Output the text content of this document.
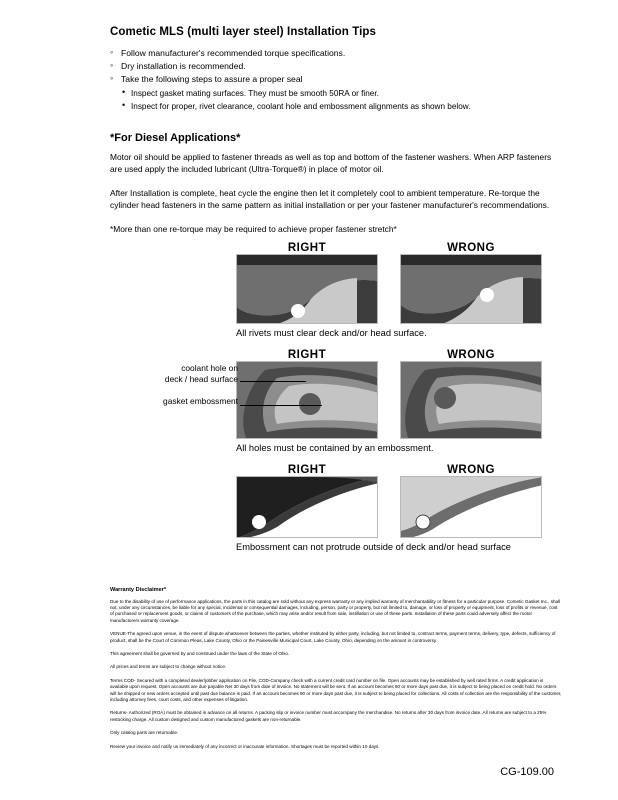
Cometic MLS (multi layer steel) Installation Tips
◦ Follow manufacturer's recommended torque specifications.
◦ Dry installation is recommended.
◦ Take the following steps to assure a proper seal
• Inspect gasket mating surfaces. They must be smooth 50RA or finer.
• Inspect for proper, rivet clearance, coolant hole and embossment alignments as shown below.
*For Diesel Applications*

Motor oil should be applied to fastener threads as well as top and bottom of the fastener washers. When ARP fasteners are used apply the included lubricant (Ultra-Torque®) in place of motor oil.

After Installation is complete, heat cycle the engine then let it completely cool to ambient temperature. Re-torque the cylinder head fasteners in the same pattern as initial installation or per your fastener manufacturer's recommendations.

*More than one re-torque may be required to achieve proper fastener stretch*

RIGHT	WRONG
All rivets must clear deck and/or head surface.
RIGHT	WRONG
All holes must be contained by an embossment.
coolant hole on
deck / head surface
gasket embossment
RIGHT	WRONG
Embossment can not protrude outside of deck and/or head surface
Warranty Disclaimer*

Due to the disability of use of performance applications, the parts in this catalog are sold without any express warranty or any implied warranty of merchantability or fitness for a particular purpose. Cometic Gasket Inc., shall not, under any circumstances, be liable for any special, incidental or consequential damages, including, person, party or property, but not limited to, damage, or loss of property or equipment, loss of profits or revenue, cost of purchased or replacement goods, or claims of customers of the purchase, which may arise and/or result from sale, instillation or use of these parts. Installation of these parts could adversely affect the motor manufacturers warranty coverage.

VENUE-The agreed upon venue, in the event of dispute whatsoever between the parties, whether instituted by either party, including, but not limited to, contract terms, payment terms, delivery, type, defects, sufficiency of product, shall be the Court of Common Pleas, Lake County, Ohio or the Painesville Municipal Court, Lake County, Ohio, depending on the amount in controversy.

This agreement shall be governed by and construed under the laws of the State of Ohio.

All prices and terms are subject to change without notice.

Terms COD- Secured with a completed dealer/jobber application on File, COD-Company check with a current credit card number on file. Open accounts may be established by well rated firms. A credit application is available upon request. Open accounts are due payable Net 30 days from date of invoice. No statement will be sent. If an account becomes 60 or more days past due, it is subject to being placed on credit hold. No orders will be shipped or new orders accepted until past due balance is paid. If an account becomes 90 or more days past due, it is subject to being placed for collections. All costs of collection are the responsibility of the customer, including attorney fees, court costs, and other expenses of litigation.

Returns- Authorized (ROA) must be obtained in advance on all returns. A packing slip or invoice number must accompany the merchandise. No returns after 30 days from invoice date. All returns are subject to a 25% restocking charge. All custom designed and custom manufactured gaskets are non-returnable.

Only catalog parts are returnable.

Review your invoice and notify us immediately of any incorrect or inaccurate information. Shortages must be reported within 10 days.

CG-109.00
